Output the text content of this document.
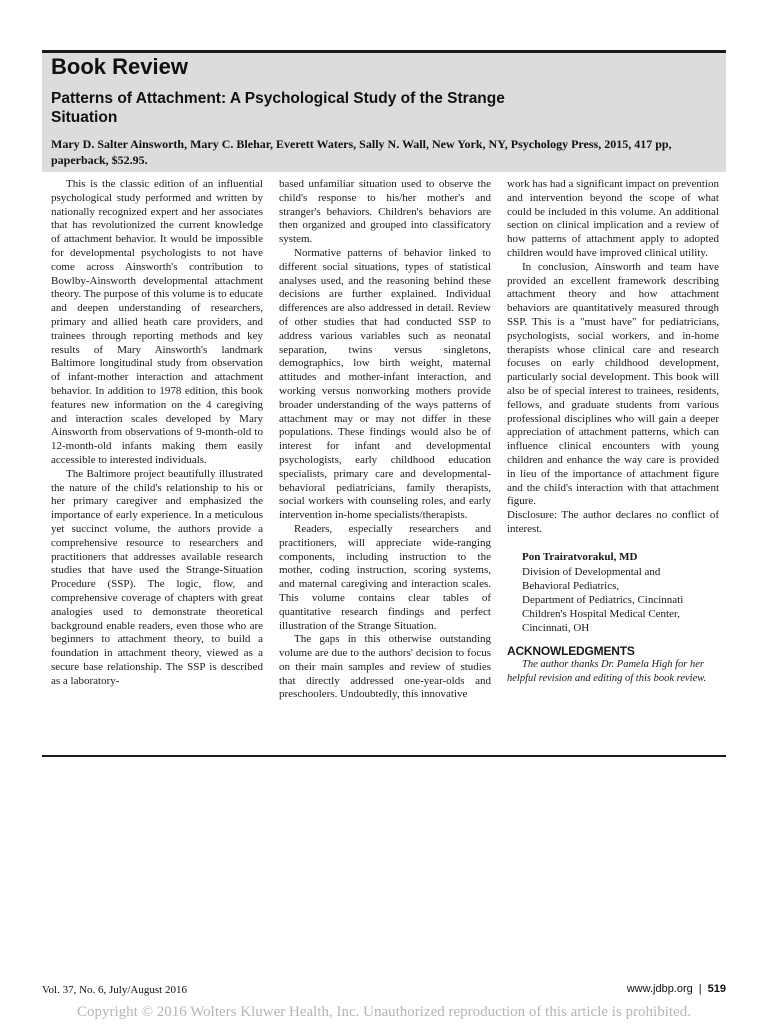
Book Review
Patterns of Attachment: A Psychological Study of the Strange Situation
Mary D. Salter Ainsworth, Mary C. Blehar, Everett Waters, Sally N. Wall, New York, NY, Psychology Press, 2015, 417 pp, paperback, $52.95.

This is the classic edition of an influential psychological study performed and written by nationally recognized expert and her associates that has revolutionized the current knowledge of attachment behavior. It would be impossible for developmental psychologists to not have come across Ainsworth's contribution to Bowlby-Ainsworth developmental attachment theory. The purpose of this volume is to educate and deepen understanding of researchers, primary and allied heath care providers, and trainees through reporting methods and key results of Mary Ainsworth's landmark Baltimore longitudinal study from observation of infant-mother interaction and attachment behavior. In addition to 1978 edition, this book features new information on the 4 caregiving and interaction scales developed by Mary Ainsworth from observations of 9-month-old to 12-month-old infants making them easily accessible to interested individuals.

The Baltimore project beautifully illustrated the nature of the child's relationship to his or her primary caregiver and emphasized the importance of early experience. In a meticulous yet succinct volume, the authors provide a comprehensive resource to researchers and practitioners that addresses available research studies that have used the Strange-Situation Procedure (SSP). The logic, flow, and comprehensive coverage of chapters with great analogies used to demonstrate theoretical background enable readers, even those who are beginners to attachment theory, to build a foundation in attachment theory, viewed as a secure base relationship. The SSP is described as a laboratory-

based unfamiliar situation used to observe the child's response to his/her mother's and stranger's behaviors. Children's behaviors are then organized and grouped into classificatory system.

Normative patterns of behavior linked to different social situations, types of statistical analyses used, and the reasoning behind these decisions are further explained. Individual differences are also addressed in detail. Review of other studies that had conducted SSP to address various variables such as neonatal separation, twins versus singletons, demographics, low birth weight, maternal attitudes and mother-infant interaction, and working versus nonworking mothers provide broader understanding of the ways patterns of attachment may or may not differ in these populations. These findings would also be of interest for infant and developmental psychologists, early childhood education specialists, primary care and developmental-behavioral pediatricians, family therapists, social workers with counseling roles, and early intervention in-home specialists/therapists.

Readers, especially researchers and practitioners, will appreciate wide-ranging components, including instruction to the mother, coding instruction, scoring systems, and maternal caregiving and interaction scales. This volume contains clear tables of quantitative research findings and perfect illustration of the Strange Situation.

The gaps in this otherwise outstanding volume are due to the authors' decision to focus on their main samples and review of studies that directly addressed one-year-olds and preschoolers. Undoubtedly, this innovative

work has had a significant impact on prevention and intervention beyond the scope of what could be included in this volume. An additional section on clinical implication and a review of how patterns of attachment apply to adopted children would have improved clinical utility.

In conclusion, Ainsworth and team have provided an excellent framework describing attachment theory and how attachment behaviors are quantitatively measured through SSP. This is a "must have" for pediatricians, psychologists, social workers, and in-home therapists whose clinical care and research focuses on early childhood development, particularly social development. This book will also be of special interest to trainees, residents, fellows, and graduate students from various professional disciplines who will gain a deeper appreciation of attachment patterns, which can influence clinical encounters with young children and enhance the way care is provided in lieu of the importance of attachment figure and the child's interaction with that attachment figure.

Disclosure: The author declares no conflict of interest.

Pon Trairatvorakul, MD
Division of Developmental and
Behavioral Pediatrics,
Department of Pediatrics, Cincinnati
Children's Hospital Medical Center,
Cincinnati, OH
ACKNOWLEDGMENTS

The author thanks Dr. Pamela High for her helpful revision and editing of this book review.

Vol. 37, No. 6, July/August 2016	www.jdbp.org | 519
Copyright © 2016 Wolters Kluwer Health, Inc. Unauthorized reproduction of this article is prohibited.
